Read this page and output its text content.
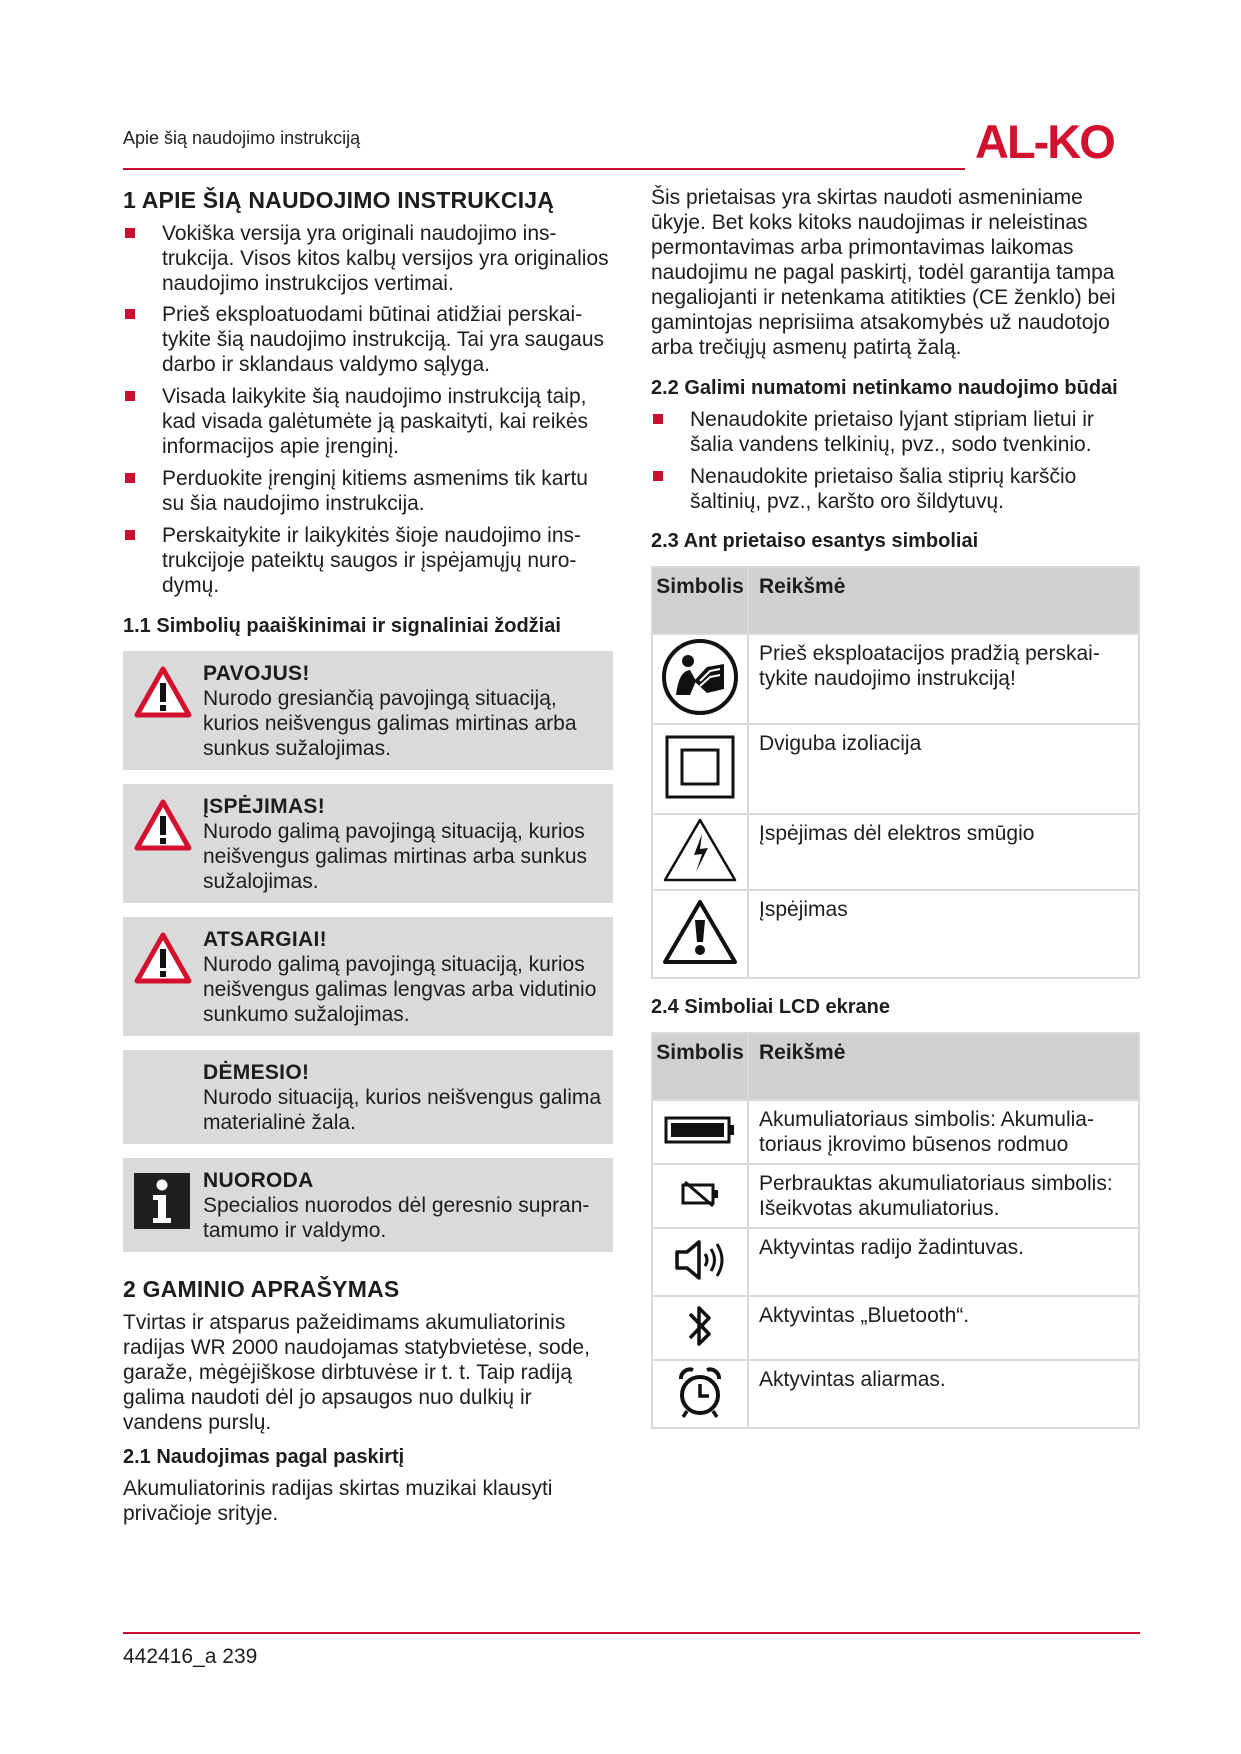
Apie šią naudojimo instrukciją	AL-KO
1 APIE ŠIĄ NAUDOJIMO INSTRUKCIJĄ
Vokiška versija yra originali naudojimo instrukcija. Visos kitos kalbų versijos yra originalios naudojimo instrukcijos vertimai.
Prieš eksploatuodami būtinai atidžiai perskaitykite šią naudojimo instrukciją. Tai yra saugaus darbo ir sklandaus valdymo sąlyga.
Visada laikykite šią naudojimo instrukciją taip, kad visada galėtumėte ją paskaityti, kai reikės informacijos apie įrenginį.
Perduokite įrenginį kitiems asmenims tik kartu su šia naudojimo instrukcija.
Perskaitykite ir laikykitės šioje naudojimo instrukcijoje pateiktų saugos ir įspėjamųjų nurodymų.
1.1 Simbolių paaiškinimai ir signaliniai žodžiai
PAVOJUS!
Nurodo gresiančią pavojingą situaciją, kurios neišvengus galimas mirtinas arba sunkus sužalojimas.
ĮSPĖJIMAS!
Nurodo galimą pavojingą situaciją, kurios neišvengus galimas mirtinas arba sunkus sužalojimas.
ATSARGIAI!
Nurodo galimą pavojingą situaciją, kurios neišvengus galimas lengvas arba vidutinio sunkumo sužalojimas.
DĖMESIO!
Nurodo situaciją, kurios neišvengus galima materialinė žala.
NUORODA
Specialios nuorodos dėl geresnio suprantamumo ir valdymo.
2 GAMINIO APRAŠYMAS

Tvirtas ir atsparus pažeidimams akumuliatorinis radijas WR 2000 naudojamas statybvietėse, sode, garaže, mėgėjiškose dirbtuvėse ir t. t. Taip radiją galima naudoti dėl jo apsaugos nuo dulkių ir vandens purslų.

2.1 Naudojimas pagal paskirtį

Akumuliatorinis radijas skirtas muzikai klausyti privačioje srityje.

Šis prietaisas yra skirtas naudoti asmeniniame ūkyje. Bet koks kitoks naudojimas ir neleistinas permontavimas arba primontavimas laikomas naudojimu ne pagal paskirtį, todėl garantija tampa negaliojanti ir netenkama atitikties (CE ženklo) bei gamintojas neprisiima atsakomybės už naudotojo arba trečiųjų asmenų patirtą žalą.

2.2 Galimi numatomi netinkamo naudojimo būdai
Nenaudokite prietaiso lyjant stipriam lietui ir šalia vandens telkinių, pvz., sodo tvenkinio.
Nenaudokite prietaiso šalia stiprių karščio šaltinių, pvz., karšto oro šildytuvų.
2.3 Ant prietaiso esantys simboliai
Simbolis	Reikšmė
	Prieš eksploatacijos pradžią perskaitykite naudojimo instrukciją!
	Dviguba izoliacija
	Įspėjimas dėl elektros smūgio
	Įspėjimas
2.4 Simboliai LCD ekrane
Simbolis	Reikšmė
	Akumuliatoriaus simbolis: Akumuliatoriaus įkrovimo būsenos rodmuo
	Perbrauktas akumuliatoriaus simbolis: Išeikvotas akumuliatorius.
	Aktyvintas radijo žadintuvas.
	Aktyvintas „Bluetooth“.
	Aktyvintas aliarmas.
442416_a 239
